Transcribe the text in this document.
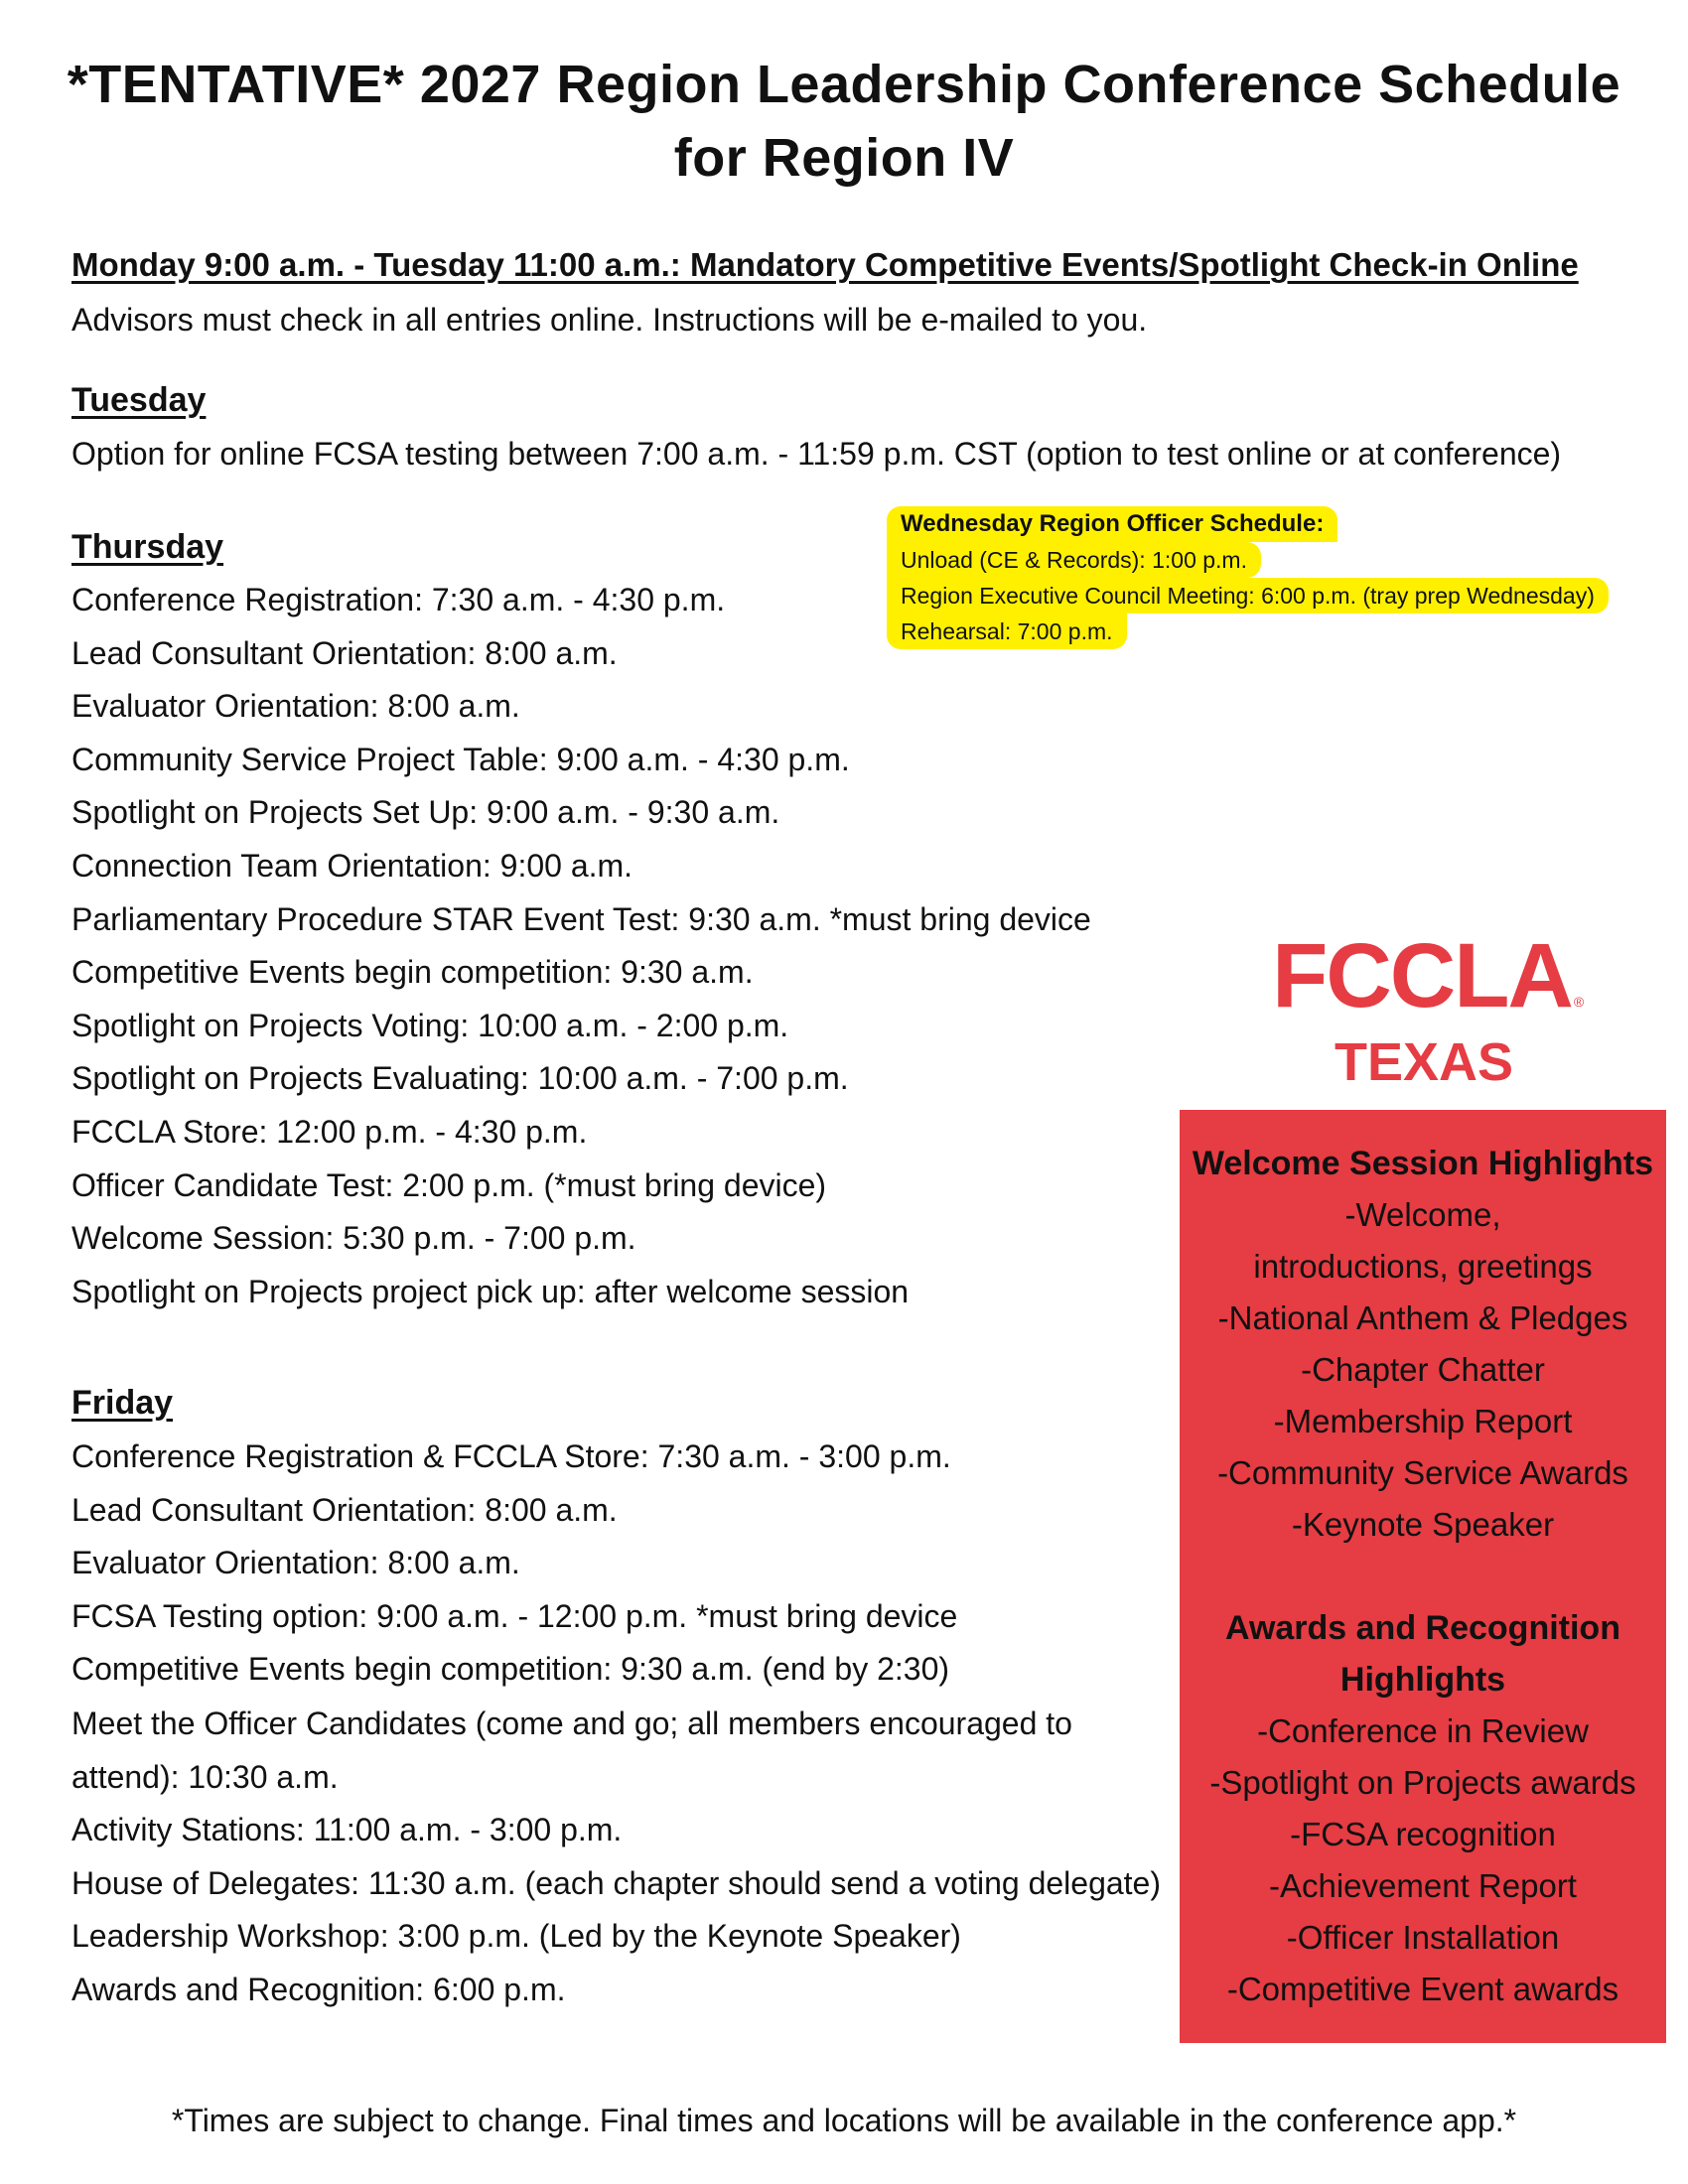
*TENTATIVE* 2027 Region Leadership Conference Schedule
for Region IV
Monday 9:00 a.m. - Tuesday 11:00 a.m.: Mandatory Competitive Events/Spotlight Check-in Online
Advisors must check in all entries online. Instructions will be e-mailed to you.
Tuesday
Option for online FCSA testing between 7:00 a.m. - 11:59 p.m. CST (option to test online or at conference)
Wednesday Region Officer Schedule:
Unload (CE & Records): 1:00 p.m.
Region Executive Council Meeting: 6:00 p.m. (tray prep Wednesday)
Rehearsal: 7:00 p.m.
Thursday
Conference Registration: 7:30 a.m. - 4:30 p.m.
Lead Consultant Orientation: 8:00 a.m.
Evaluator Orientation: 8:00 a.m.
Community Service Project Table: 9:00 a.m. - 4:30 p.m.
Spotlight on Projects Set Up: 9:00 a.m. - 9:30 a.m.
Connection Team Orientation: 9:00 a.m.
Parliamentary Procedure STAR Event Test: 9:30 a.m. *must bring device
Competitive Events begin competition: 9:30 a.m.
Spotlight on Projects Voting: 10:00 a.m. - 2:00 p.m.
Spotlight on Projects Evaluating: 10:00 a.m. - 7:00 p.m.
FCCLA Store: 12:00 p.m. - 4:30 p.m.
Officer Candidate Test: 2:00 p.m. (*must bring device)
Welcome Session: 5:30 p.m. - 7:00 p.m.
Spotlight on Projects project pick up: after welcome session
Friday
Conference Registration & FCCLA Store: 7:30 a.m. - 3:00 p.m.
Lead Consultant Orientation: 8:00 a.m.
Evaluator Orientation: 8:00 a.m.
FCSA Testing option: 9:00 a.m. - 12:00 p.m. *must bring device
Competitive Events begin competition: 9:30 a.m. (end by 2:30)
Meet the Officer Candidates (come and go; all members encouraged to attend): 10:30 a.m.
Activity Stations: 11:00 a.m. - 3:00 p.m.
House of Delegates: 11:30 a.m. (each chapter should send a voting delegate)
Leadership Workshop: 3:00 p.m. (Led by the Keynote Speaker)
Awards and Recognition: 6:00 p.m.
FCCLA ®
TEXAS
Welcome Session Highlights
-Welcome, introductions, greetings
-National Anthem & Pledges
-Chapter Chatter
-Membership Report
-Community Service Awards
-Keynote Speaker
Awards and Recognition Highlights
-Conference in Review
-Spotlight on Projects awards
-FCSA recognition
-Achievement Report
-Officer Installation
-Competitive Event awards
*Times are subject to change. Final times and locations will be available in the conference app.*
